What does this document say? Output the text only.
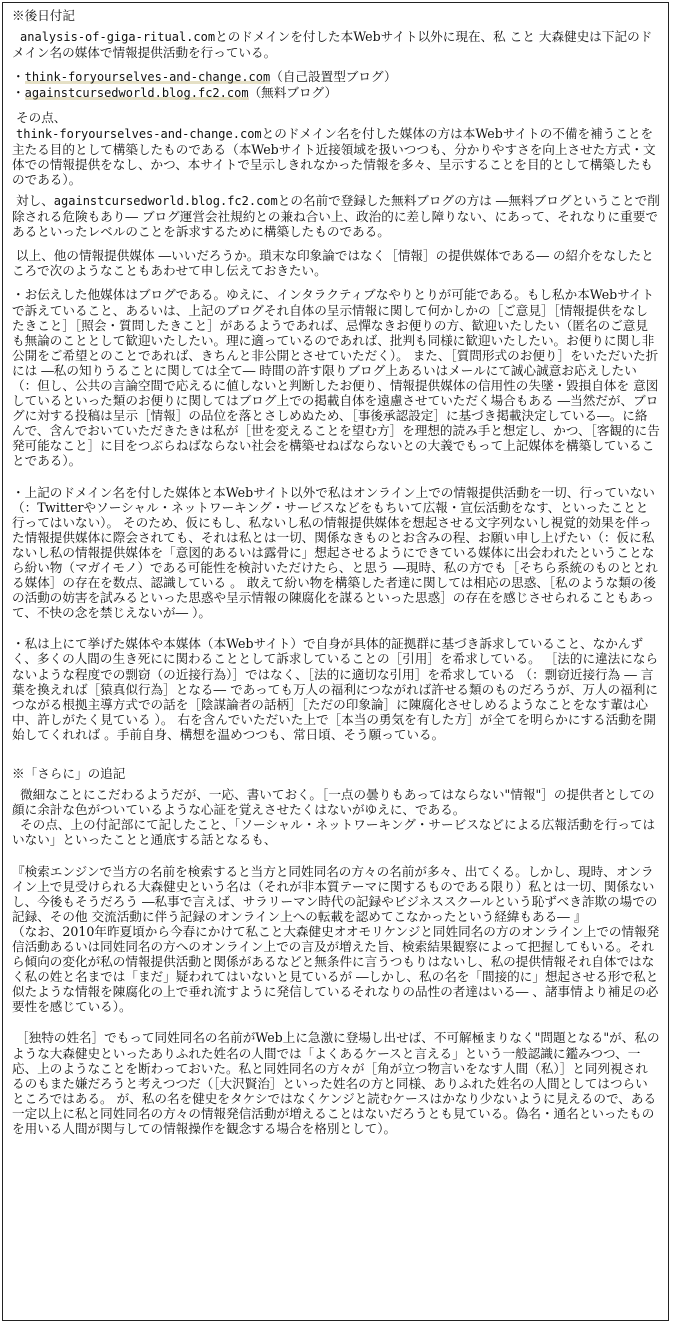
※後日付記

analysis-of-giga-ritual.comとのドメインを付した本Webサイト以外に現在、私 こと 大森健史は下記のドメイン名の媒体で情報提供活動を行っている。

・think-foryourselves-and-change.com（自己設置型ブログ）

・againstcursedworld.blog.fc2.com（無料ブログ）

その点、

think-foryourselves-and-change.comとのドメイン名を付した媒体の方は本Webサイトの不備を補うことを主たる目的として構築したものである（本Webサイト近接領域を扱いつつも、分かりやすさを向上させた方式・文体での情報提供をなし、かつ、本サイトで呈示しきれなかった情報を多々、呈示することを目的として構築したものである）。

対し、againstcursedworld.blog.fc2.comとの名前で登録した無料ブログの方は ―無料ブログということで削除される危険もあり― ブログ運営会社規約との兼ね合い上、政治的に差し障りない、にあって、それなりに重要であるといったレベルのことを訴求するために構築したものである。

以上、他の情報提供媒体 ―いいだろうか。瑣末な印象論ではなく［情報］の提供媒体である― の紹介をなしたところで次のようなこともあわせて申し伝えておきたい。

・お伝えした他媒体はブログである。ゆえに、インタラクティブなやりとりが可能である。もし私か本Webサイトで訴えていること、あるいは、上記のブログそれ自体の呈示情報に関して何かしかの［ご意見］［情報提供をなしたきこと］［照会・質問したきこと］があるようであれば、忌憚なきお便りの方、歓迎いたしたい（匿名のご意見も無論のこととして歓迎いたしたい。理に適っているのであれば、批判も同様に歓迎いたしたい。お便りに関し非公開をご希望とのことであれば、きちんと非公開とさせていただく）。 また、［質問形式のお便り］をいただいた折には ―私の知りうることに関しては全て― 時間の許す限りブログ上あるいはメールにて誠心誠意お応えしたい（：但し、公共の言論空間で応えるに値しないと判断したお便り、情報提供媒体の信用性の失墜・毀損自体を 意図しているといった類のお便りに関してはブログ上での掲載自体を遠慮させていただく場合もある ―当然だが、ブログに対する投稿は呈示［情報］の品位を落とさしめぬため、［事後承認設定］に基づき掲載決定している―。に絡んで、含んでおいていただきたきは私が［世を変えることを望む方］を理想的読み手と想定し、かつ、［客観的に告発可能なこと］に目をつぶらねばならない社会を構築せねばならないとの大義でもって上記媒体を構築していることである）。

・上記のドメイン名を付した媒体と本Webサイト以外で私はオンライン上での情報提供活動を一切、行っていない（：Twitterやソーシャル・ネットワーキング・サービスなどをもちいて広報・宣伝活動をなす、といったことと行ってはいない）。 そのため、仮にもし、私ないし私の情報提供媒体を想起させる文字列ないし視覚的効果を伴った情報提供媒体に際会されても、それは私とは一切、関係なきものとお含みの程、お願い申し上げたい（：仮に私ないし私の情報提供媒体を「意図的あるいは露骨に」想起させるようにできている媒体に出会われたということなら紛い物（マガイモノ）である可能性を検討いただけたら、と思う ―現時、私の方でも［そちら系統のものととれる媒体］の存在を数点、認識している 。 敢えて紛い物を構築した者達に関しては相応の思惑、［私のような類の後の活動の妨害を試みるといった思惑や呈示情報の陳腐化を謀るといった思惑］の存在を感じさせられることもあって、不快の念を禁じえないが― ）。

・私は上にて挙げた媒体や本媒体（本Webサイト）で自身が具体的証拠群に基づき訴求していること、なかんずく、多くの人間の生き死にに関わることとして訴求していることの［引用］を希求している。 ［法的に違法にならないような程度での剽窃（の近接行為）］ではなく、［法的に適切な引用］を希求している （：剽窃近接行為 ― 言葉を換えれば［猿真似行為］となる― であっても万人の福利につながれば許せる類のものだろうが、万人の福利につながる根拠主導方式での話を［陰謀論者の話柄］［ただの印象論］に陳腐化させしめるようなことをなす輩は心中、許しがたく見ている ）。 右を含んでいただいた上で［本当の勇気を有した方］が全てを明らかにする活動を開始してくれれば 。手前自身、構想を温めつつも、常日頃、そう願っている。

※「さらに」の追記

微細なことにこだわるようだが、一応、書いておく。［一点の曇りもあってはならない"情報"］の提供者としての顔に余計な色がついているような心証を覚えさせたくはないがゆえに、である。

その点、上の付記部にて記したこと、「ソーシャル・ネットワーキング・サービスなどによる広報活動を行ってはいない」といったことと通底する話となるも、

『検索エンジンで当方の名前を検索すると当方と同姓同名の方々の名前が多々、出てくる。しかし、現時、オンライン上で見受けられる大森健史という名は（それが非本質テーマに関するものである限り）私とは一切、関係ないし、今後もそうだろう ―私事で言えば、サラリーマン時代の記録やビジネススクールという恥ずべき詐欺の場での記録、その他 交流活動に伴う記録のオンライン上への転載を認めてこなかったという経緯もある― 』

（なお、2010年昨夏頃から今春にかけて私こと大森健史オオモリケンジと同姓同名の方のオンライン上での情報発信活動あるいは同姓同名の方へのオンライン上での言及が増えた旨、検索結果観察によって把握してもいる。それら傾向の変化が私の情報提供活動と関係があるなどと無条件に言うつもりはないし、私の提供情報それ自体ではなく私の姓と名までは「まだ」疑われてはいないと見ているが ―しかし、私の名を「間接的に」想起させる形で私と似たような情報を陳腐化の上で垂れ流すように発信しているそれなりの品性の者達はいる― 、諸事情より補足の必要性を感じている）。

［独特の姓名］でもって同姓同名の名前がWeb上に急激に登場し出せば、不可解極まりなく"問題となる"が、私のような大森健史といったありふれた姓名の人間では「よくあるケースと言える」という一般認識に鑑みつつ、一応、上のようなことを断わっておいた。私と同姓同名の方々が［角が立つ物言いをなす人間（私）］と同列視されるのもまた嫌だろうと考えつつだ（［大沢賢治］といった姓名の方と同様、ありふれた姓名の人間としてはつらいところではある。 が、私の名を健史をタケシではなくケンジと読むケースはかなり少ないように見えるので、ある一定以上に私と同姓同名の方々の情報発信活動が増えることはないだろうとも見ている。偽名・通名といったものを用いる人間が関与しての情報操作を観念する場合を格別として）。
